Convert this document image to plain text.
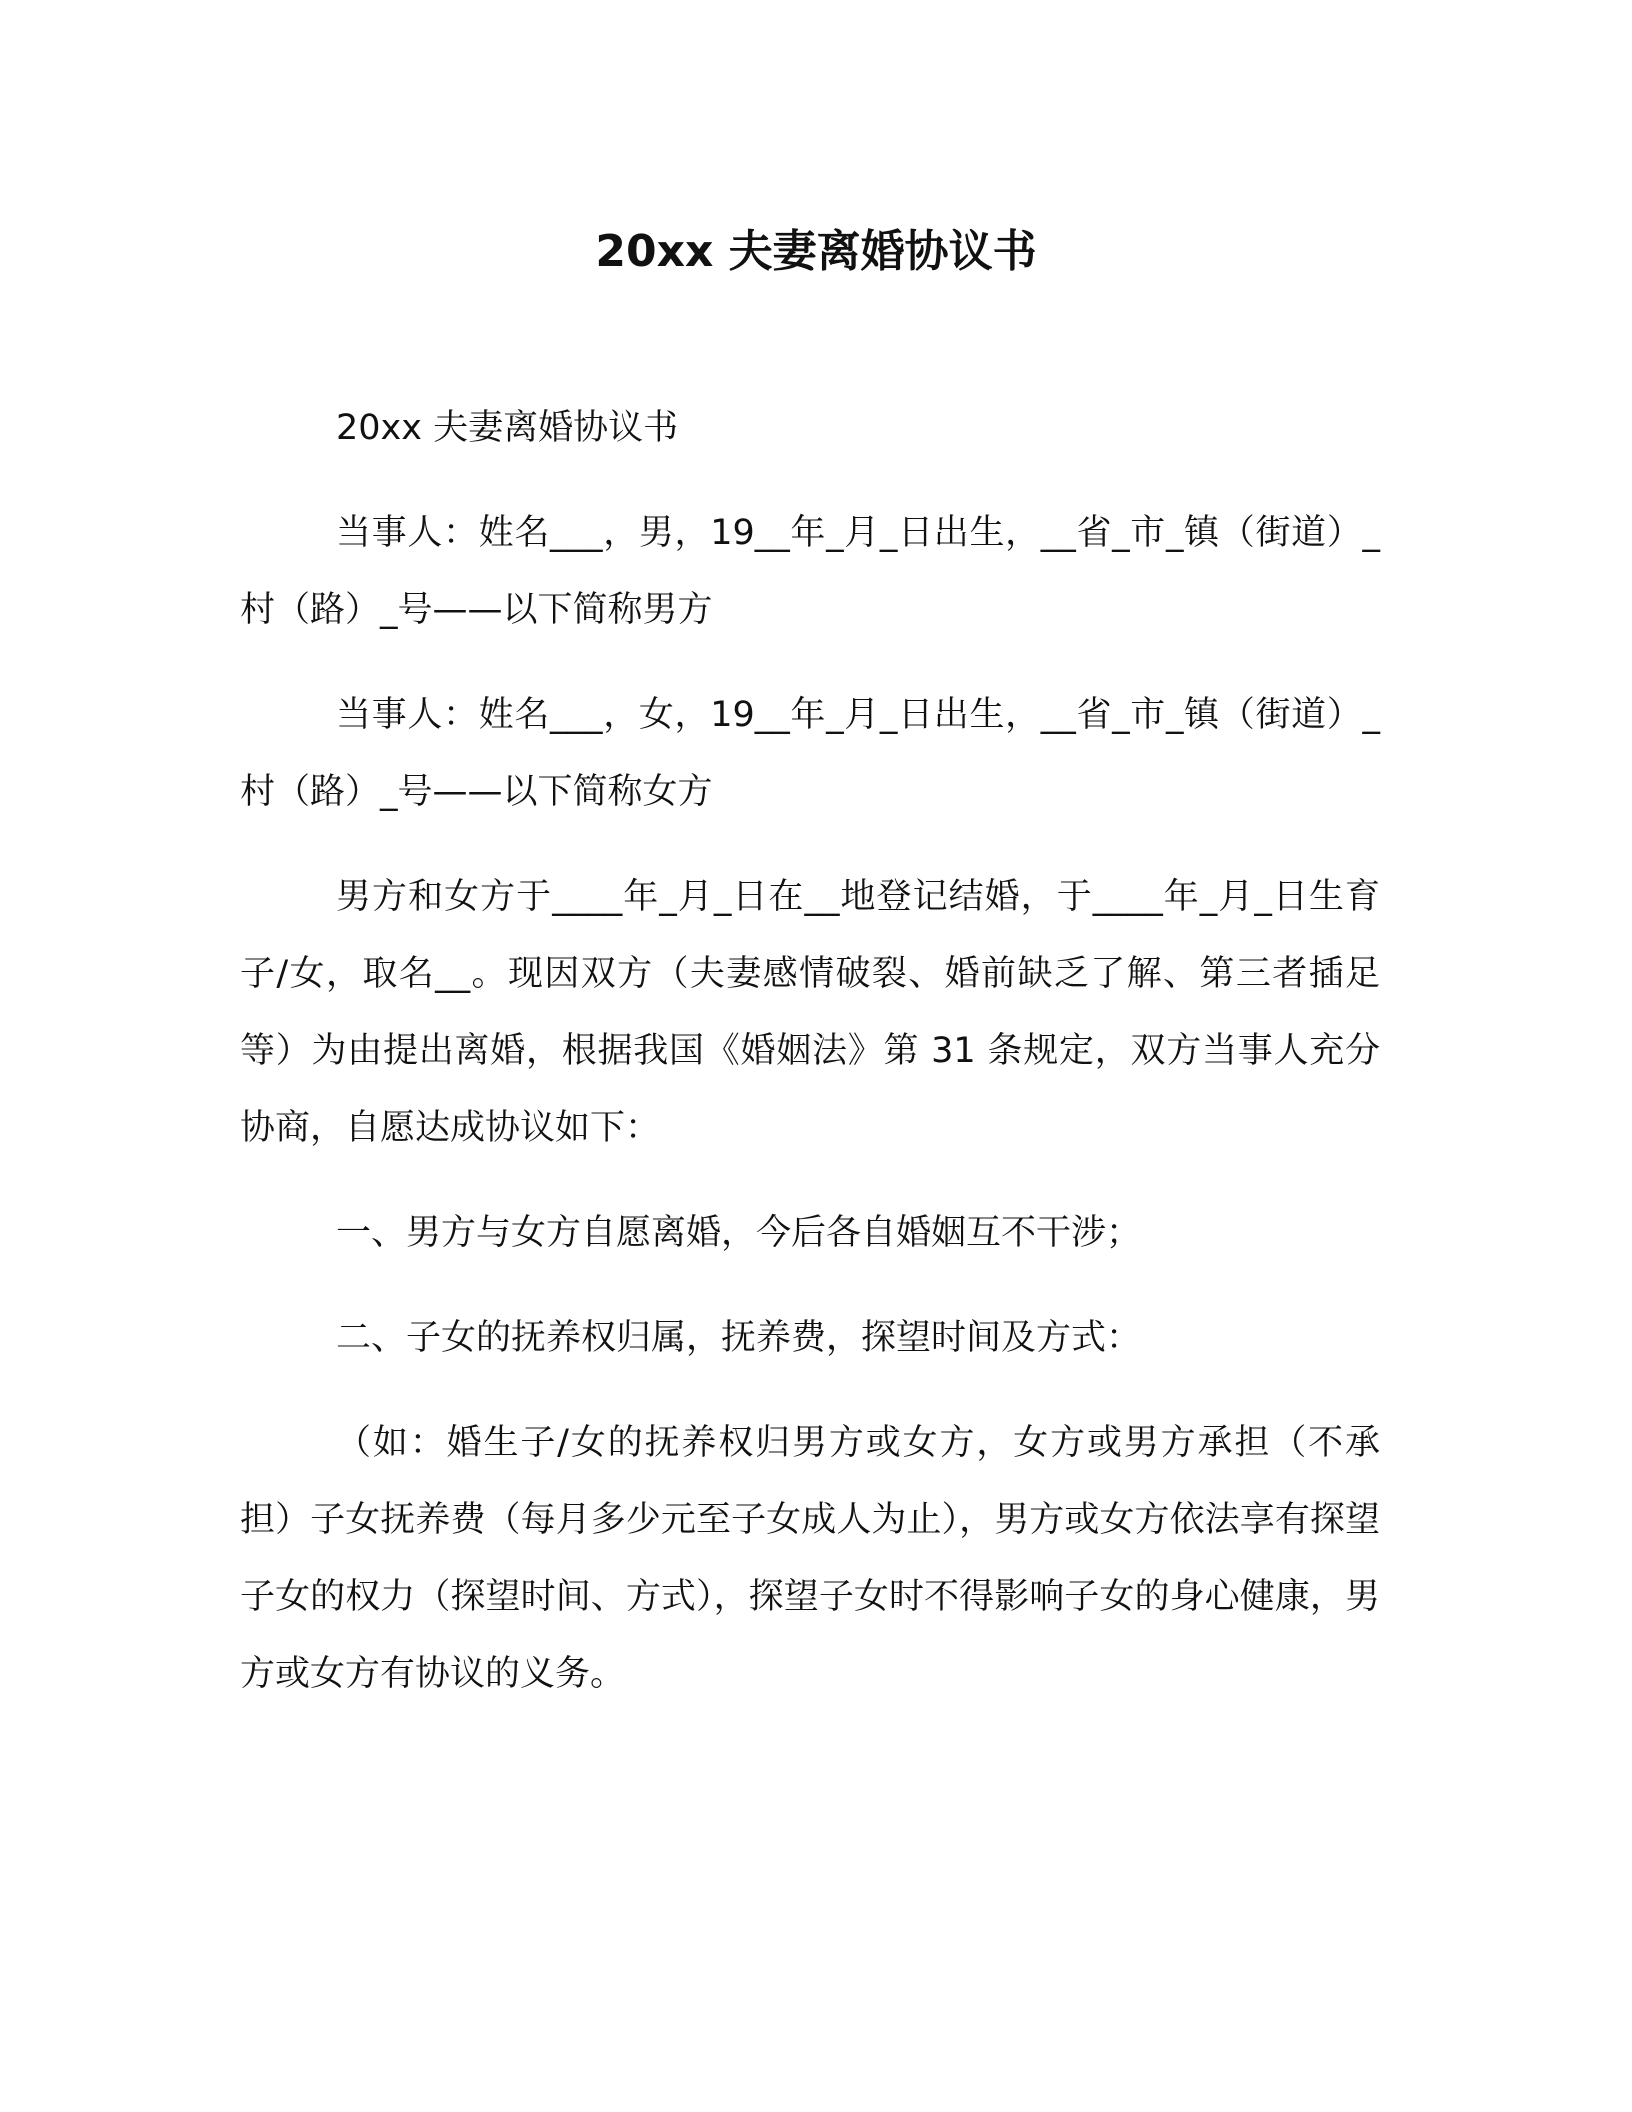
20xx 夫妻离婚协议书

20xx 夫妻离婚协议书

当事人：姓名___，男，19__年_月_日出生，__省_市_镇（街道）_村（路）_号——以下简称男方

当事人：姓名___，女，19__年_月_日出生，__省_市_镇（街道）_村（路）_号——以下简称女方

男方和女方于____年_月_日在__地登记结婚，于____年_月_日生育子/女，取名__。现因双方（夫妻感情破裂、婚前缺乏了解、第三者插足等）为由提出离婚，根据我国《婚姻法》第 31 条规定，双方当事人充分协商，自愿达成协议如下：

一、男方与女方自愿离婚，今后各自婚姻互不干涉；

二、子女的抚养权归属，抚养费，探望时间及方式：

（如：婚生子/女的抚养权归男方或女方，女方或男方承担（不承担）子女抚养费（每月多少元至子女成人为止），男方或女方依法享有探望子女的权力（探望时间、方式），探望子女时不得影响子女的身心健康，男方或女方有协议的义务。
